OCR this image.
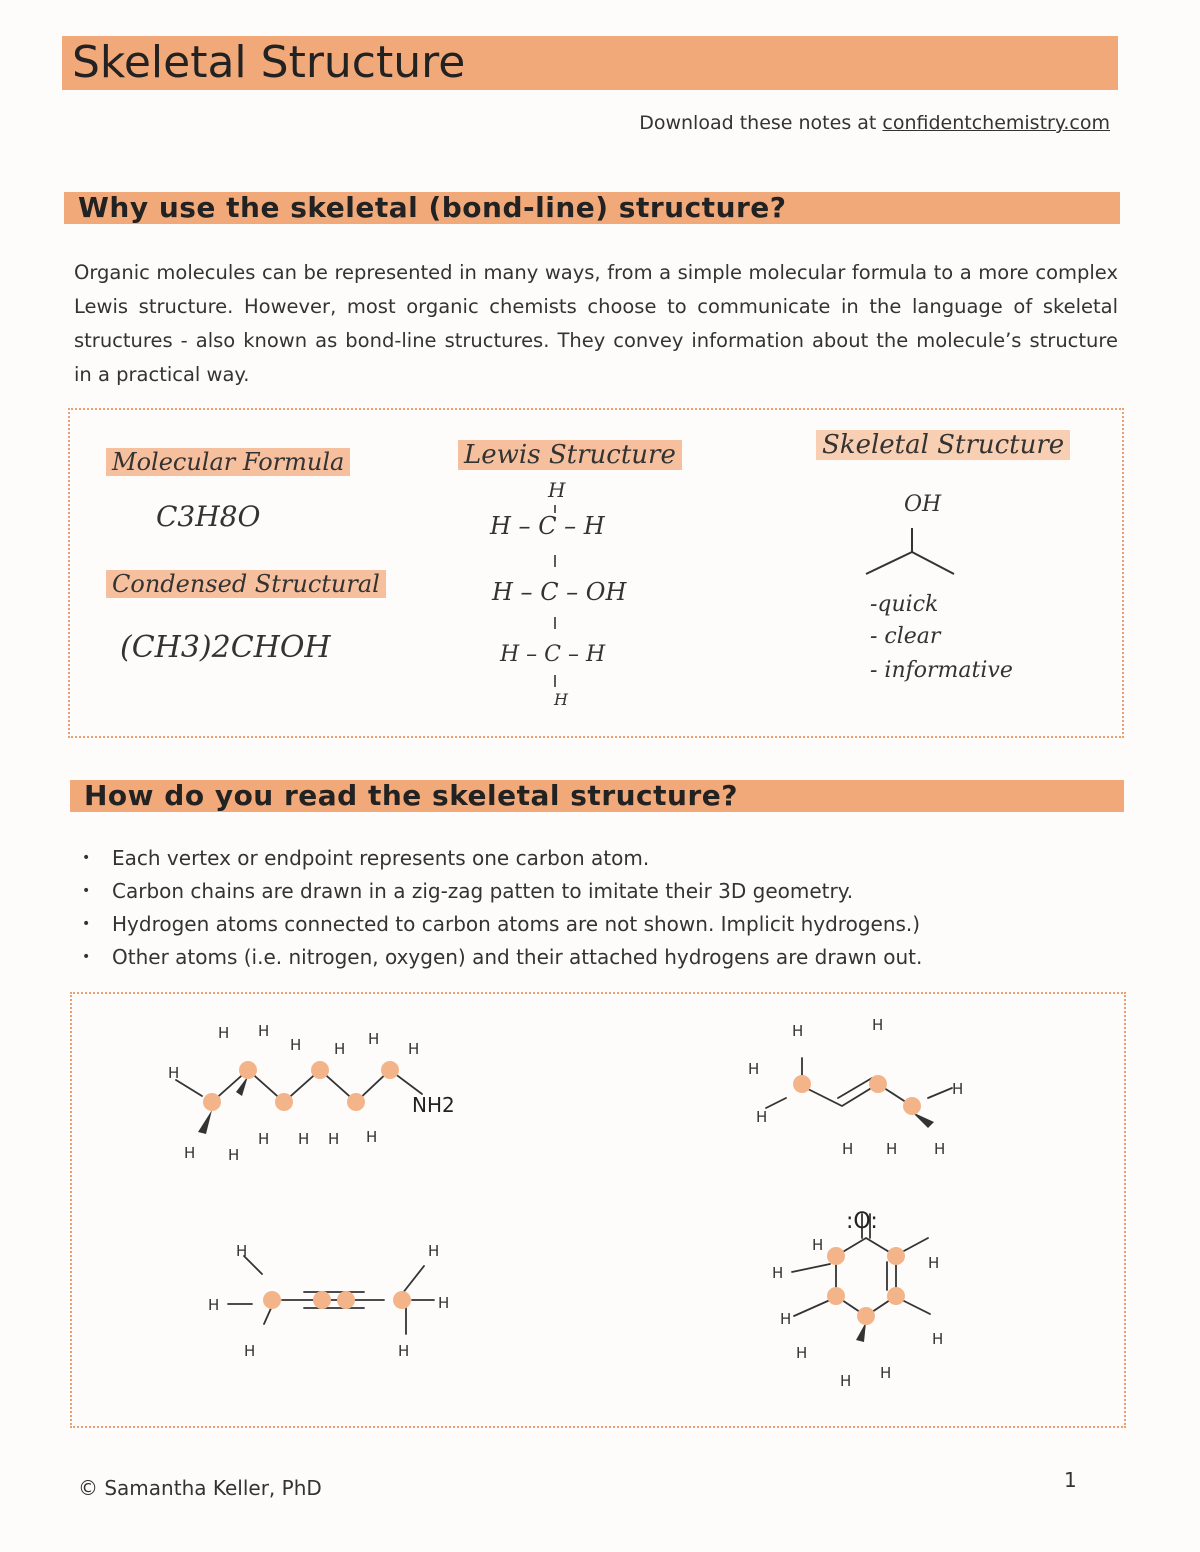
Skeletal Structure
Download these notes at confidentchemistry.com
Why use the skeletal (bond-line) structure?
Organic molecules can be represented in many ways, from a simple molecular formula to a more complex Lewis structure. However, most organic chemists choose to communicate in the language of skeletal structures - also known as bond-line structures. They convey information about the molecule’s structure in a practical way.
Molecular Formula
C3H8O
Condensed Structural
(CH3)2CHOH
Lewis Structure
H
H – C – H
H – C – OH
H – C – H
H
Skeletal Structure
OH
-quick
- clear
- informative
How do you read the skeletal structure?
• Each vertex or endpoint represents one carbon atom.
• Carbon chains are drawn in a zig-zag patten to imitate their 3D geometry.
• Hydrogen atoms connected to carbon atoms are not shown. Implicit hydrogens.)
• Other atoms (i.e. nitrogen, oxygen) and their attached hydrogens are drawn out.
H H
H
H H
H
H
H H
H H H H
H	H
H
H
H H H
H
H
H
H
H
H
H
H
H
H
H
H H
H
H
NH2
:O:
© Samantha Keller, PhD	1
